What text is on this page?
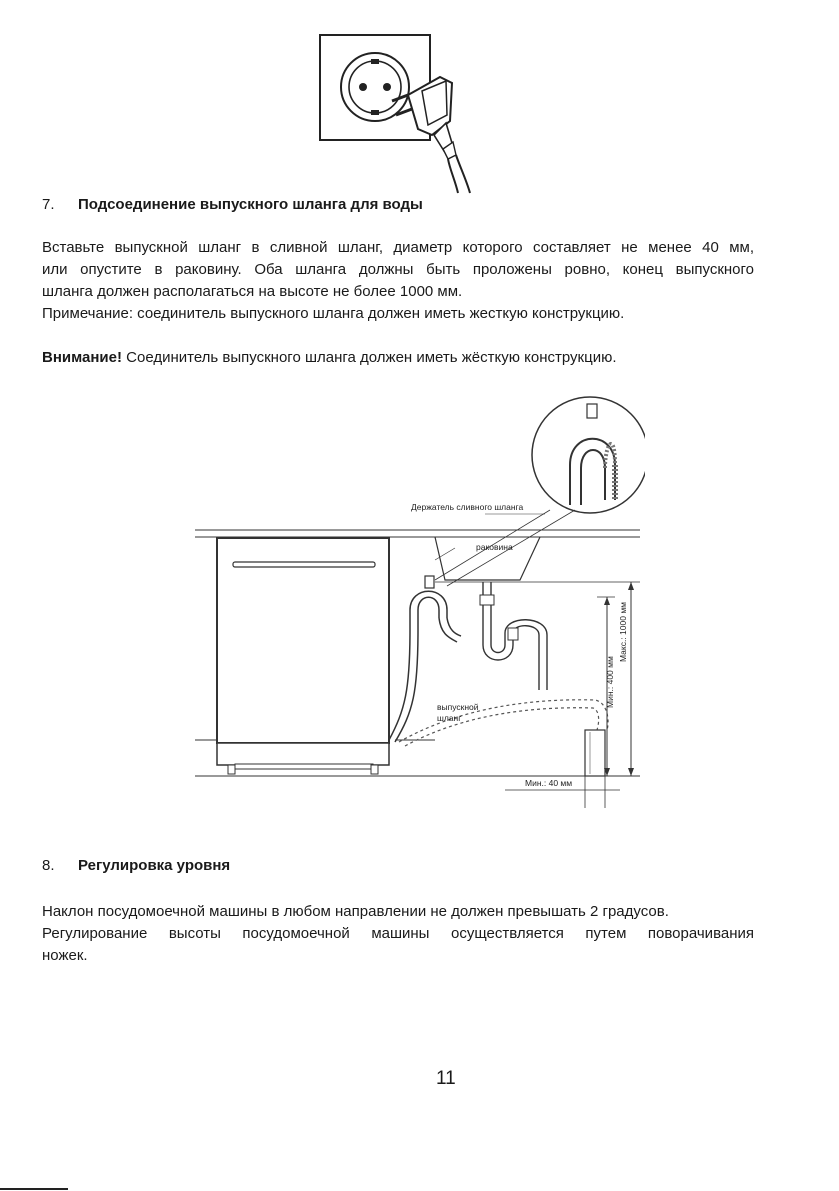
7. Подсоединение выпускного шланга для воды

Вставьте выпускной шланг в сливной шланг, диаметр которого составляет не менее 40 мм,

или опустите в раковину. Оба шланга должны быть проложены ровно, конец выпускного

шланга должен располагаться на высоте не более 1000 мм.

Примечание: соединитель выпускного шланга должен иметь жесткую конструкцию.

Внимание! Соединитель выпускного шланга должен иметь жёсткую конструкцию.
Держатель сливного шланга
раковина
выпускной
шланг
Макс.: 1000 мм
Мин.: 400 мм
Мин.: 40 мм
8. Регулировка уровня

Наклон посудомоечной машины в любом направлении не должен превышать 2 градусов.

Регулирование высоты посудомоечной машины осуществляется путем поворачивания

ножек.

11
